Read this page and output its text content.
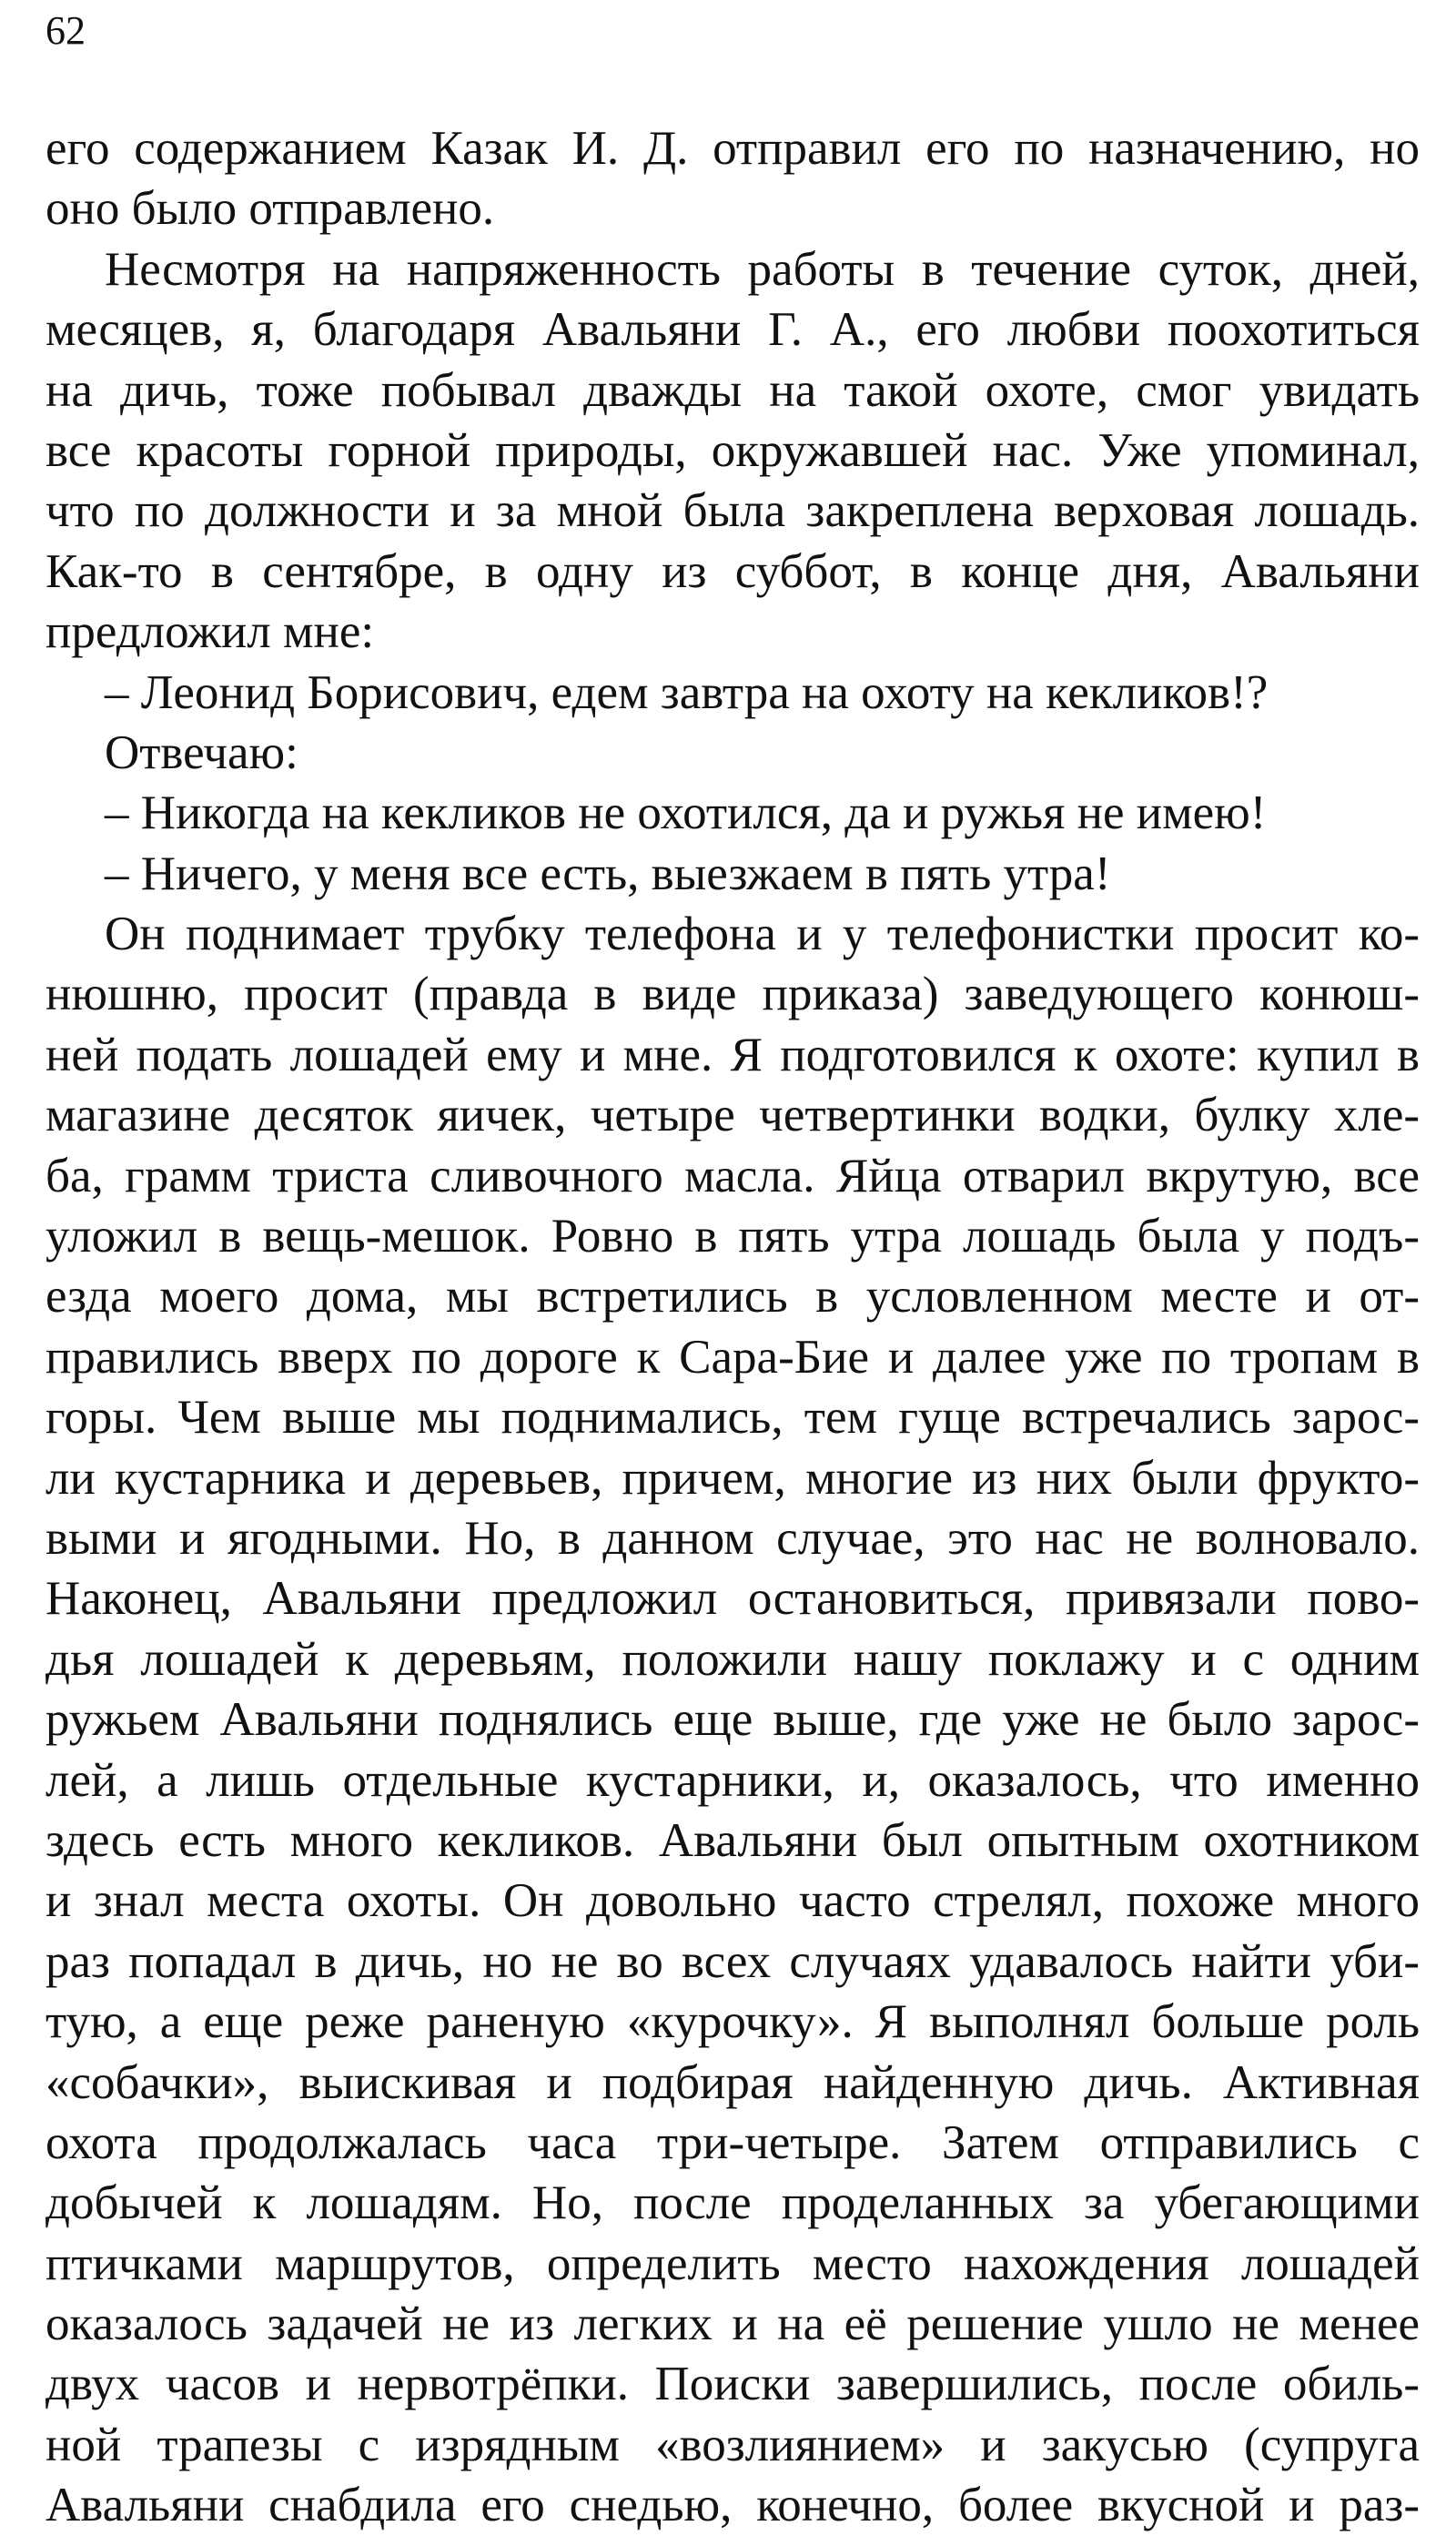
62
его содержанием Казак И. Д. отправил его по назначению, но
оно было отправлено.
Несмотря на напряженность работы в течение суток, дней,
месяцев, я, благодаря Авальяни Г. А., его любви поохотиться
на дичь, тоже побывал дважды на такой охоте, смог увидать
все красоты горной природы, окружавшей нас. Уже упоминал,
что по должности и за мной была закреплена верховая лошадь.
Как-то в сентябре, в одну из суббот, в конце дня, Авальяни
предложил мне:
– Леонид Борисович, едем завтра на охоту на кекликов!?
Отвечаю:
– Никогда на кекликов не охотился, да и ружья не имею!
– Ничего, у меня все есть, выезжаем в пять утра!
Он поднимает трубку телефона и у телефонистки просит ко-
нюшню, просит (правда в виде приказа) заведующего конюш-
ней подать лошадей ему и мне. Я подготовился к охоте: купил в
магазине десяток яичек, четыре четвертинки водки, булку хле-
ба, грамм триста сливочного масла. Яйца отварил вкрутую, все
уложил в вещь-мешок. Ровно в пять утра лошадь была у подъ-
езда моего дома, мы встретились в условленном месте и от-
правились вверх по дороге к Сара-Бие и далее уже по тропам в
горы. Чем выше мы поднимались, тем гуще встречались зарос-
ли кустарника и деревьев, причем, многие из них были фрукто-
выми и ягодными. Но, в данном случае, это нас не волновало.
Наконец, Авальяни предложил остановиться, привязали пово-
дья лошадей к деревьям, положили нашу поклажу и с одним
ружьем Авальяни поднялись еще выше, где уже не было зарос-
лей, а лишь отдельные кустарники, и, оказалось, что именно
здесь есть много кекликов. Авальяни был опытным охотником
и знал места охоты. Он довольно часто стрелял, похоже много
раз попадал в дичь, но не во всех случаях удавалось найти уби-
тую, а еще реже раненую «курочку». Я выполнял больше роль
«собачки», выискивая и подбирая найденную дичь. Активная
охота продолжалась часа три-четыре. Затем отправились с
добычей к лошадям. Но, после проделанных за убегающими
птичками маршрутов, определить место нахождения лошадей
оказалось задачей не из легких и на её решение ушло не менее
двух часов и нервотрёпки. Поиски завершились, после обиль-
ной трапезы с изрядным «возлиянием» и закусью (супруга
Авальяни снабдила его снедью, конечно, более вкусной и раз-
